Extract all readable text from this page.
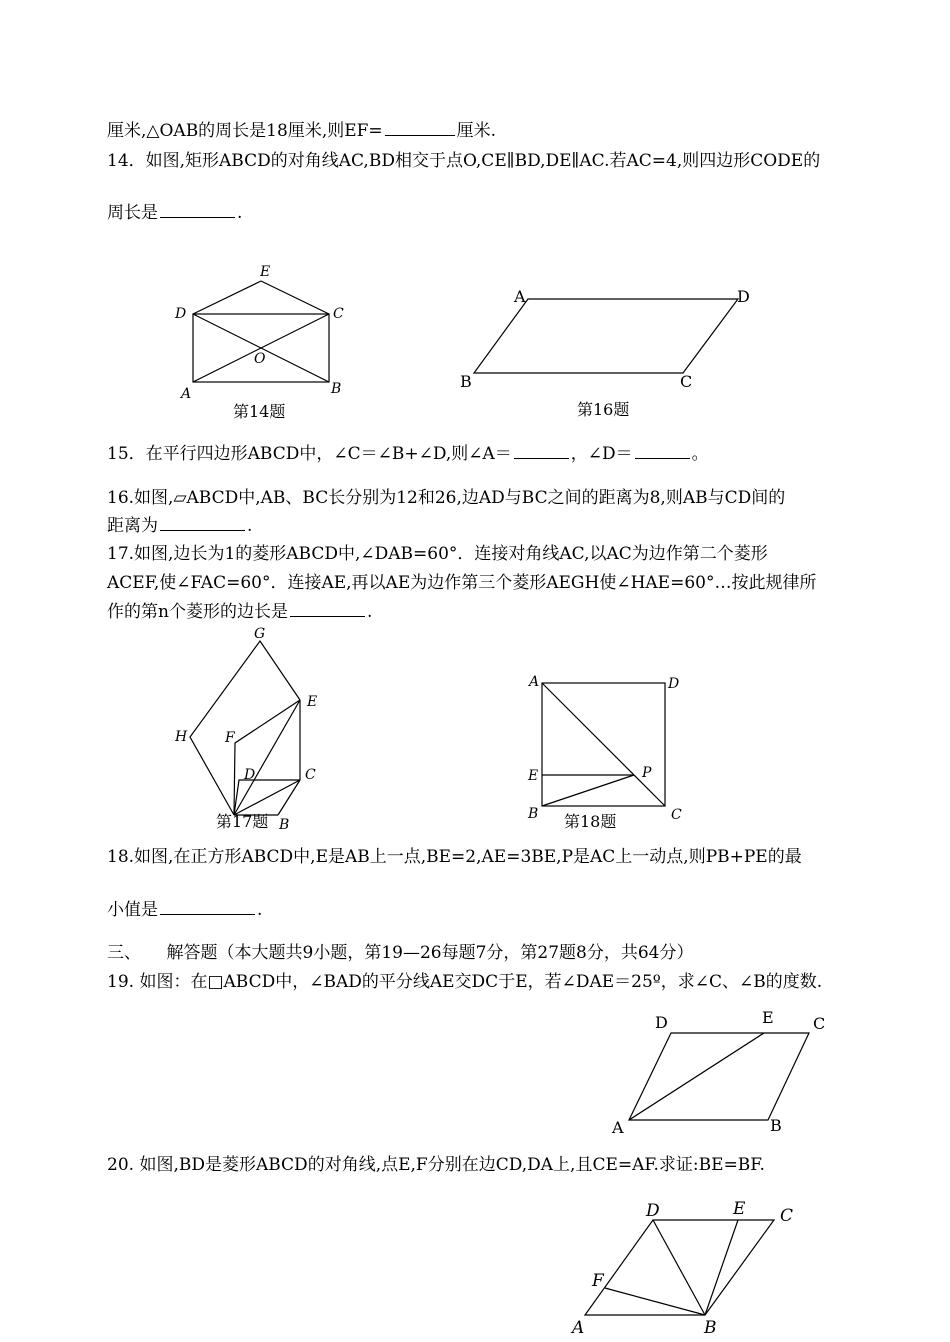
厘米,△OAB的周长是18厘米,则EF=	厘米.
14．如图,矩形ABCD的对角线AC,BD相交于点O,CE∥BD,DE∥AC.若AC=4,则四边形CODE的
周长是	.
15．在平行四边形ABCD中，∠C＝∠B+∠D,则∠A＝	，∠D＝	。
16.如图,▱ABCD中,AB、BC长分别为12和26,边AD与BC之间的距离为8,则AB与CD间的
距离为	.
17.如图,边长为1的菱形ABCD中,∠DAB=60°．连接对角线AC,以AC为边作第二个菱形
ACEF,使∠FAC=60°．连接AE,再以AE为边作第三个菱形AEGH使∠HAE=60°…按此规律所
作的第n个菱形的边长是	.
18.如图,在正方形ABCD中,E是AB上一点,BE=2,AE=3BE,P是AC上一动点,则PB+PE的最
小值是	.
三、　　解答题（本大题共9小题，第19—26每题7分，第27题8分，共64分）
19. 如图：在□ABCD中，∠BAD的平分线AE交DC于E，若∠DAE＝25º，求∠C、∠B的度数.
20. 如图,BD是菱形ABCD的对角线,点E,F分别在边CD,DA上,且CE=AF.求证:BE=BF.
E
D	C
O
A	B
第14题
A	D
B	C
第16题
G
E
H	F
D	C
B
第17题
A	D
P
E
B	C
第18题
D	E C
A	B
D	E C
F
A	B
